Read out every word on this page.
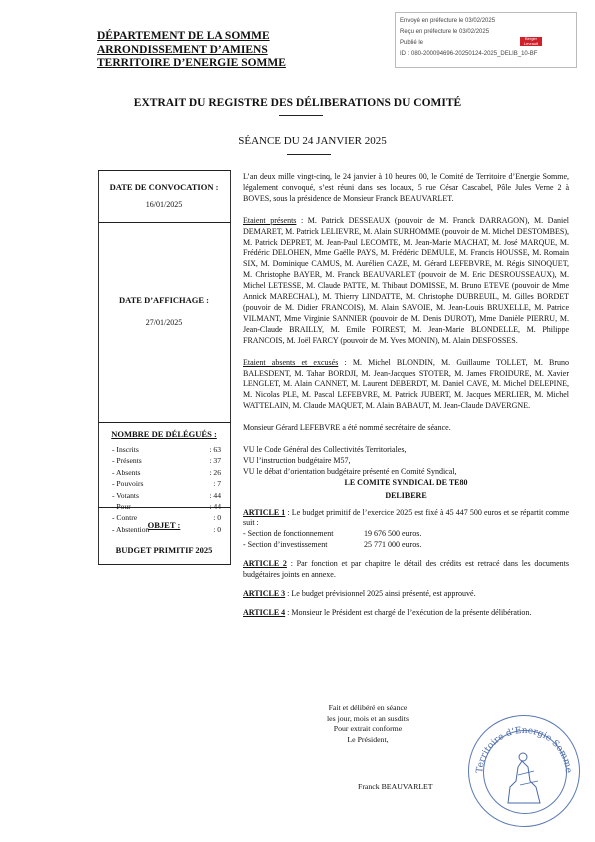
Envoyé en préfecture le 03/02/2025
Reçu en préfecture le 03/02/2025
Publié le
ID : 080-200094696-20250124-2025_DELIB_10-BF
Berger Levrault
DÉPARTEMENT DE LA SOMME
ARRONDISSEMENT D’AMIENS
TERRITOIRE D’ENERGIE SOMME
EXTRAIT DU REGISTRE DES DÉLIBERATIONS DU COMITÉ
SÉANCE DU 24 JANVIER 2025
DATE DE CONVOCATION :
16/01/2025
DATE D’AFFICHAGE :
27/01/2025
NOMBRE DE DÉLÉGUÉS :
- Inscrits	: 63
- Présents	: 37
- Absents	: 26
- Pouvoirs	: 7
- Votants	: 44
- Pour	: 44
- Contre	: 0
- Abstention	: 0
OBJET :
BUDGET PRIMITIF 2025

L’an deux mille vingt-cinq, le 24 janvier à 10 heures 00, le Comité de Territoire d’Energie Somme, légalement convoqué, s’est réuni dans ses locaux, 5 rue César Cascabel, Pôle Jules Verne 2 à BOVES, sous la présidence de Monsieur Franck BEAUVARLET.

Etaient présents : M. Patrick DESSEAUX (pouvoir de M. Franck DARRAGON), M. Daniel DEMARET, M. Patrick LELIEVRE, M. Alain SURHOMME (pouvoir de M. Michel DESTOMBES), M. Patrick DEPRET, M. Jean-Paul LECOMTE, M. Jean-Marie MACHAT, M. José MARQUE, M. Frédéric DELOHEN, Mme Gaëlle PAYS, M. Frédéric DEMULE, M. Francis HOUSSE, M. Romain SIX, M. Dominique CAMUS, M. Aurélien CAZE, M. Gérard LEFEBVRE, M. Régis SINOQUET, M. Christophe BAYER, M. Franck BEAUVARLET (pouvoir de M. Eric DESROUSSEAUX), M. Michel LETESSE, M. Claude PATTE, M. Thibaut DOMISSE, M. Bruno ETEVE (pouvoir de Mme Annick MARECHAL), M. Thierry LINDATTE, M. Christophe DUBREUIL, M. Gilles BORDET (pouvoir de M. Didier FRANCOIS), M. Alain SAVOIE, M. Jean-Louis BRUXELLE, M. Patrice VILMANT, Mme Virginie SANNIER (pouvoir de M. Denis DUROT), Mme Danièle PIERRU, M. Jean-Claude BRAILLY, M. Emile FOIREST, M. Jean-Marie BLONDELLE, M. Philippe FRANCOIS, M. Joël FARCY (pouvoir de M. Yves MONIN), M. Alain DESFOSSES.

Etaient absents et excusés : M. Michel BLONDIN, M. Guillaume TOLLET, M. Bruno BALESDENT, M. Tahar BORDJI, M. Jean-Jacques STOTER, M. James FROIDURE, M. Xavier LENGLET, M. Alain CANNET, M. Laurent DEBERDT, M. Daniel CAVE, M. Michel DELEPINE, M. Nicolas PLE, M. Pascal LEFEBVRE, M. Patrick JUBERT, M. Jacques MERLIER, M. Michel WATTELAIN, M. Claude MAQUET, M. Alain BABAUT, M. Jean-Claude DAVERGNE.

Monsieur Gérard LEFEBVRE a été nommé secrétaire de séance.

VU le Code Général des Collectivités Territoriales,

VU l’instruction budgétaire M57,

VU le débat d’orientation budgétaire présenté en Comité Syndical,

LE COMITE SYNDICAL DE TE80

DELIBERE

ARTICLE 1 : Le budget primitif de l’exercice 2025 est fixé à 45 447 500 euros et se répartit comme suit :

- Section de fonctionnement	19 676 500 euros.

- Section d’investissement	25 771 000 euros.

ARTICLE 2 : Par fonction et par chapitre le détail des crédits est retracé dans les documents budgétaires joints en annexe.

ARTICLE 3 : Le budget prévisionnel 2025 ainsi présenté, est approuvé.

ARTICLE 4 : Monsieur le Président est chargé de l’exécution de la présente délibération.

Fait et délibéré en séance
les jour, mois et an susdits
Pour extrait conforme
Le Président,
Franck BEAUVARLET
Territoire d’Energie Somme
